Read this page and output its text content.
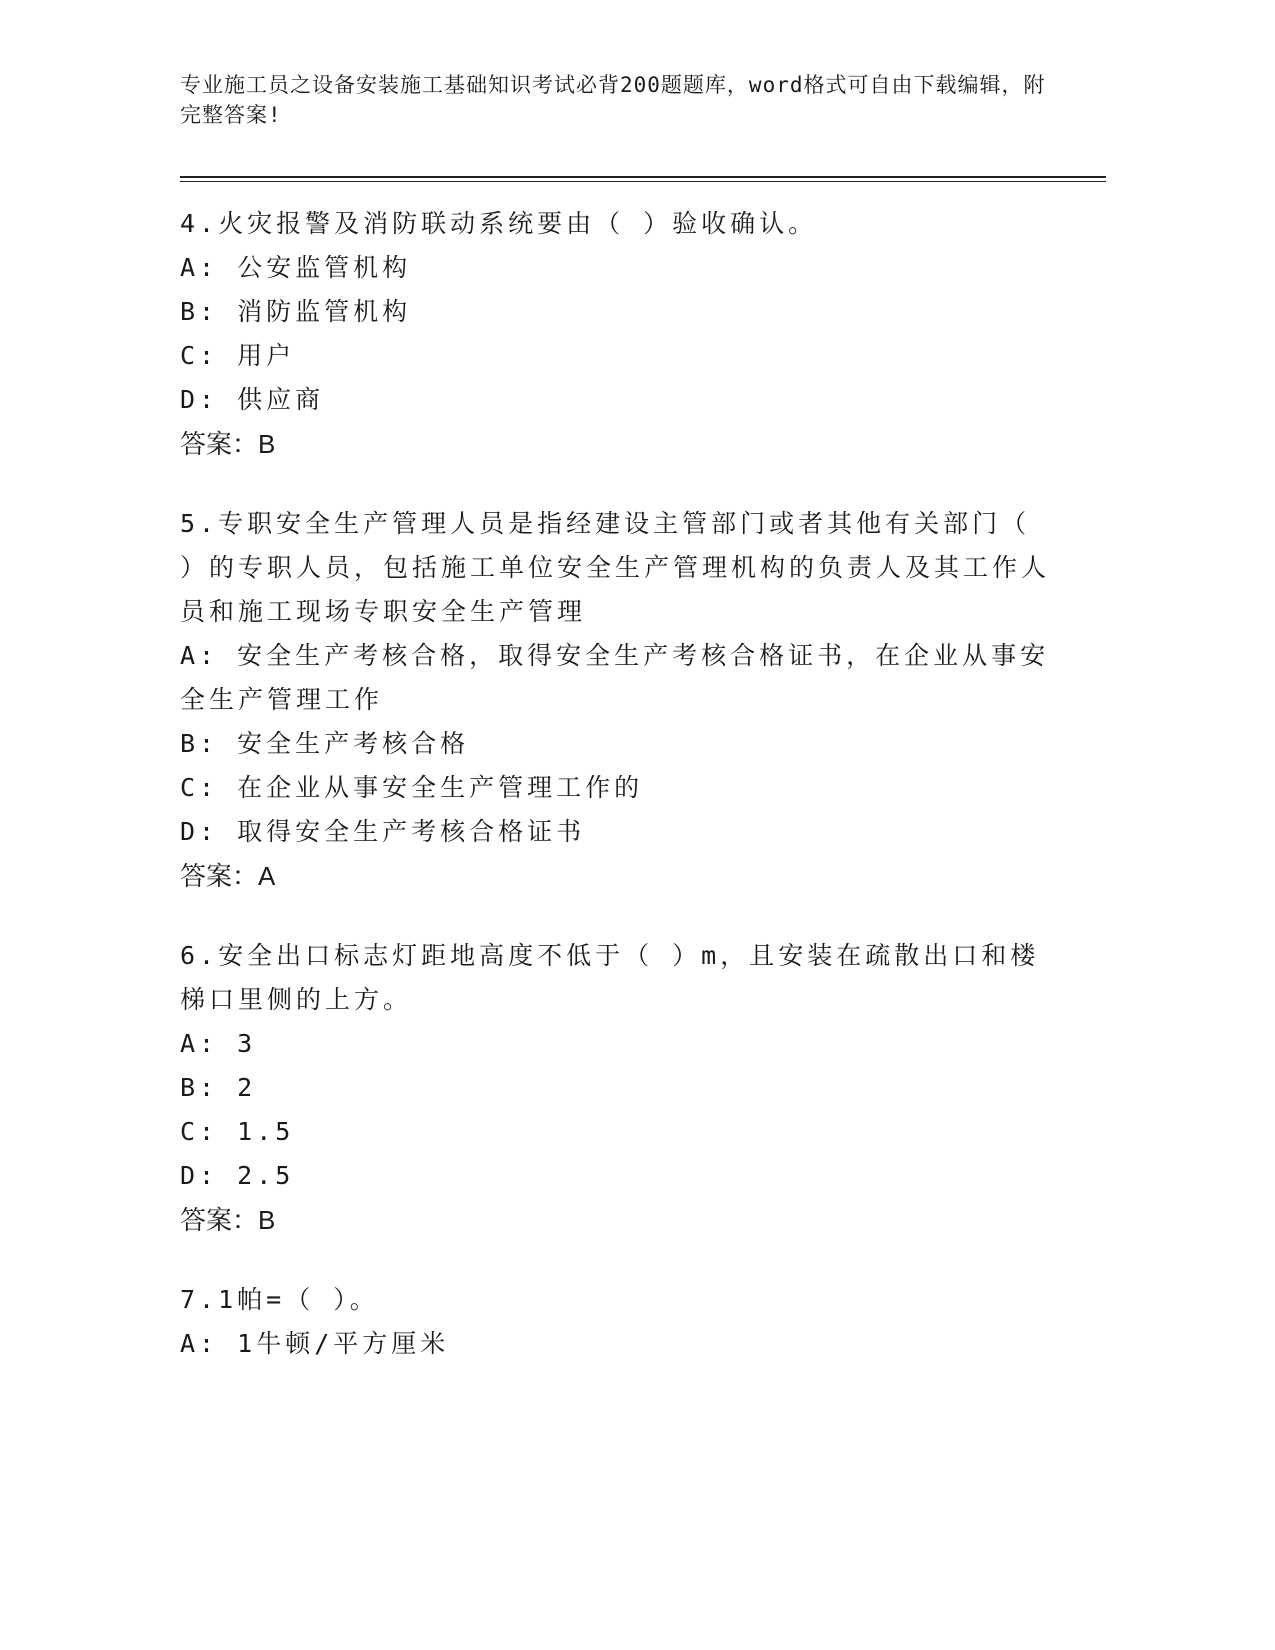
专业施工员之设备安装施工基础知识考试必背200题题库，word格式可自由下载编辑，附完整答案!
4.火灾报警及消防联动系统要由（ ）验收确认。
A: 公安监管机构
B: 消防监管机构
C: 用户
D: 供应商
答案：B
5.专职安全生产管理人员是指经建设主管部门或者其他有关部门（ ）的专职人员，包括施工单位安全生产管理机构的负责人及其工作人员和施工现场专职安全生产管理
A: 安全生产考核合格，取得安全生产考核合格证书，在企业从事安全生产管理工作
B: 安全生产考核合格
C: 在企业从事安全生产管理工作的
D: 取得安全生产考核合格证书
答案：A
6.安全出口标志灯距地高度不低于（ ）m，且安装在疏散出口和楼梯口里侧的上方。
A: 3
B: 2
C: 1.5
D: 2.5
答案：B
7.1帕=（ ）。
A: 1牛顿/平方厘米
